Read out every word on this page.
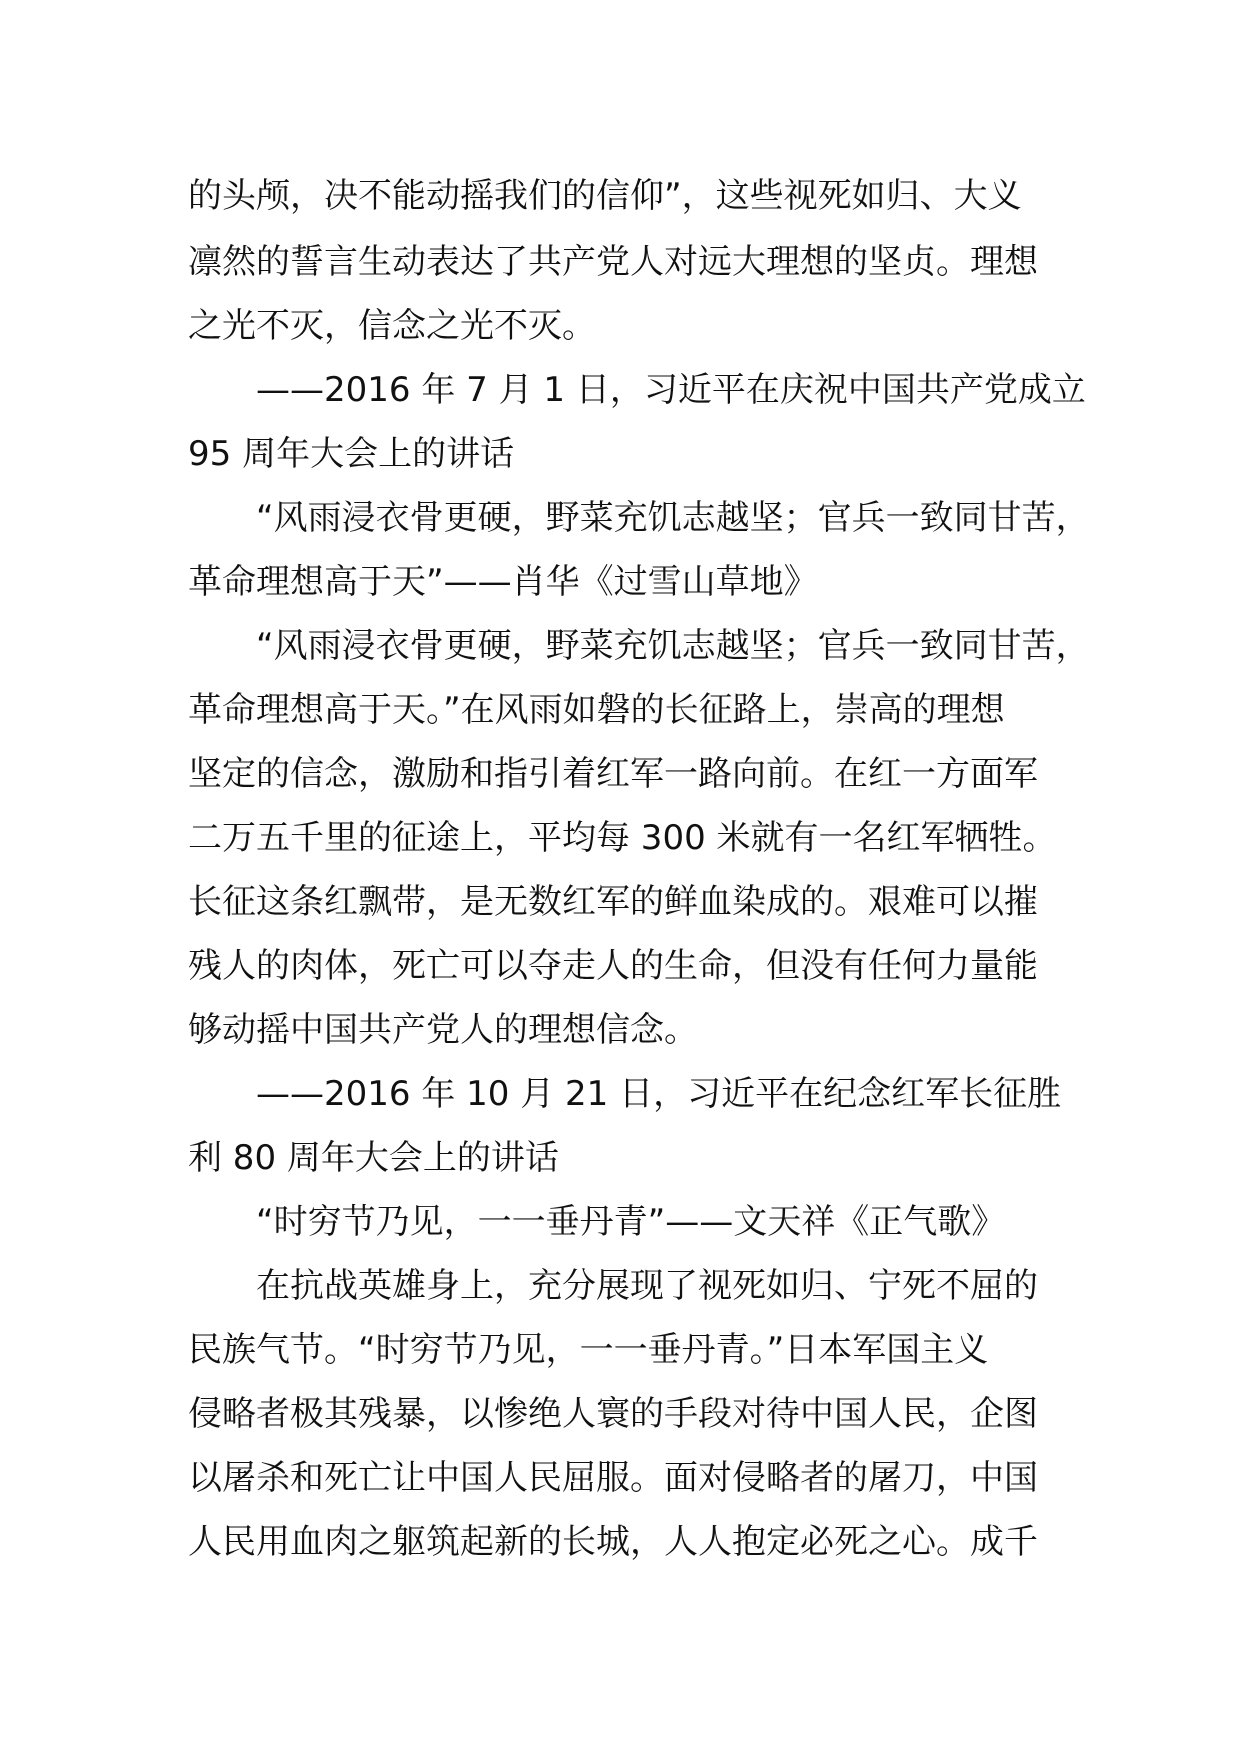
的头颅，决不能动摇我们的信仰”，这些视死如归、大义
凛然的誓言生动表达了共产党人对远大理想的坚贞。理想
之光不灭，信念之光不灭。
——2016 年 7 月 1 日，习近平在庆祝中国共产党成立
95 周年大会上的讲话
“风雨浸衣骨更硬，野菜充饥志越坚；官兵一致同甘苦，
革命理想高于天”——肖华《过雪山草地》
“风雨浸衣骨更硬，野菜充饥志越坚；官兵一致同甘苦，
革命理想高于天。”在风雨如磐的长征路上，崇高的理想
坚定的信念，激励和指引着红军一路向前。在红一方面军
二万五千里的征途上，平均每 300 米就有一名红军牺牲。
长征这条红飘带，是无数红军的鲜血染成的。艰难可以摧
残人的肉体，死亡可以夺走人的生命，但没有任何力量能
够动摇中国共产党人的理想信念。
——2016 年 10 月 21 日，习近平在纪念红军长征胜
利 80 周年大会上的讲话
“时穷节乃见，一一垂丹青”——文天祥《正气歌》
在抗战英雄身上，充分展现了视死如归、宁死不屈的
民族气节。“时穷节乃见，一一垂丹青。”日本军国主义
侵略者极其残暴，以惨绝人寰的手段对待中国人民，企图
以屠杀和死亡让中国人民屈服。面对侵略者的屠刀，中国
人民用血肉之躯筑起新的长城，人人抱定必死之心。成千
